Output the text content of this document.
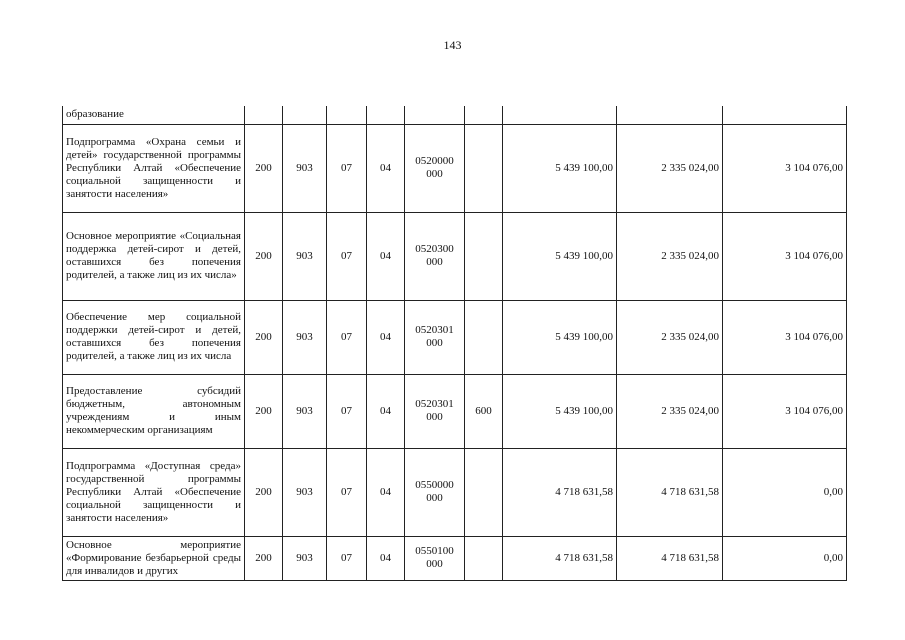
143
образование									
Подпрограмма «Охрана семьи и детей» государственной программы Республики Алтай «Обеспечение социальной защищенности и занятости населения»	200	903	07	04	0520000 000		5 439 100,00	2 335 024,00	3 104 076,00
Основное мероприятие «Социальная поддержка детей-сирот и детей, оставшихся без попечения родителей, а также лиц из их числа»	200	903	07	04	0520300 000		5 439 100,00	2 335 024,00	3 104 076,00
Обеспечение мер социальной поддержки детей-сирот и детей, оставшихся без попечения родителей, а также лиц из их числа	200	903	07	04	0520301 000		5 439 100,00	2 335 024,00	3 104 076,00
Предоставление субсидий бюджетным, автономным учреждениям и иным некоммерческим организациям	200	903	07	04	0520301 000	600	5 439 100,00	2 335 024,00	3 104 076,00
Подпрограмма «Доступная среда» государственной программы Республики Алтай «Обеспечение социальной защищенности и занятости населения»	200	903	07	04	0550000 000		4 718 631,58	4 718 631,58	0,00
Основное мероприятие «Формирование безбарьерной среды для инвалидов и других	200	903	07	04	0550100 000		4 718 631,58	4 718 631,58	0,00
